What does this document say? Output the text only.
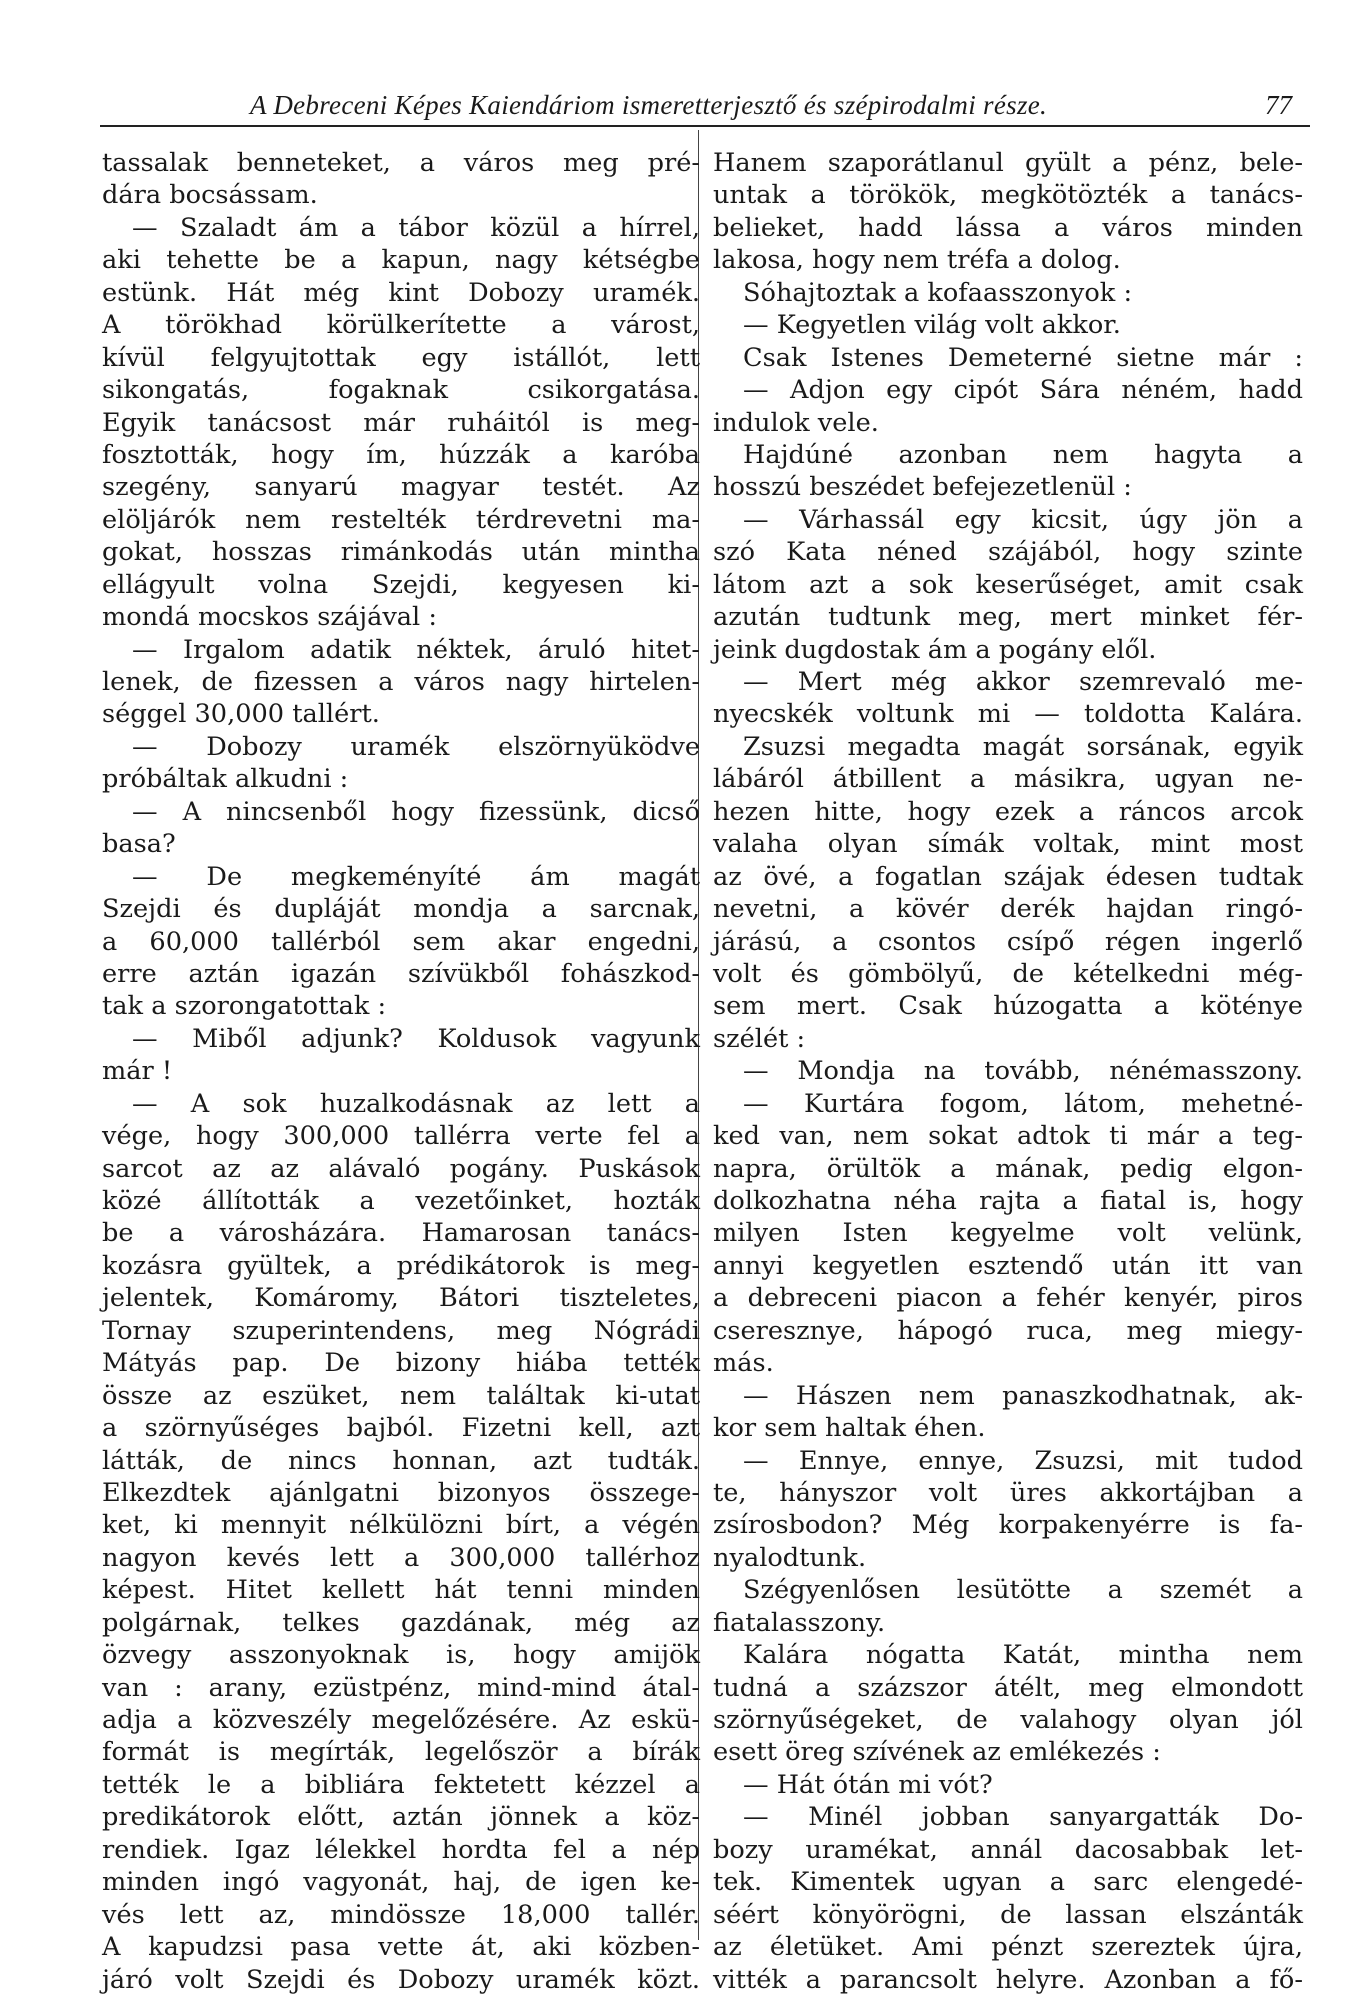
A Debreceni Képes Kaiendáriom ismeretterjesztő és szépirodalmi része.	77
tassalak benneteket, a város meg pré-
dára bocsássam.
— Szaladt ám a tábor közül a hírrel,
aki tehette be a kapun, nagy kétségbe
estünk. Hát még kint Dobozy uramék.
A törökhad körülkerítette a várost,
kívül felgyujtottak egy istállót, lett
sikongatás, fogaknak csikorgatása.
Egyik tanácsost már ruháitól is meg-
fosztották, hogy ím, húzzák a karóba
szegény, sanyarú magyar testét. Az
elöljárók nem restelték térdrevetni ma-
gokat, hosszas rimánkodás után mintha
ellágyult volna Szejdi, kegyesen ki-
mondá mocskos szájával :
— Irgalom adatik néktek, áruló hitet-
lenek, de fizessen a város nagy hirtelen-
séggel 30,000 tallért.
— Dobozy uramék elszörnyüködve
próbáltak alkudni :
— A nincsenből hogy fizessünk, dicső
basa?
— De megkeményíté ám magát
Szejdi és dupláját mondja a sarcnak,
a 60,000 tallérból sem akar engedni,
erre aztán igazán szívükből fohászkod-
tak a szorongatottak :
— Miből adjunk? Koldusok vagyunk
már !
— A sok huzalkodásnak az lett a
vége, hogy 300,000 tallérra verte fel a
sarcot az az alávaló pogány. Puskások
közé állították a vezetőinket, hozták
be a városházára. Hamarosan tanács-
kozásra gyültek, a prédikátorok is meg-
jelentek, Komáromy, Bátori tiszteletes,
Tornay szuperintendens, meg Nógrádi
Mátyás pap. De bizony hiába tették
össze az eszüket, nem találtak ki-utat
a szörnyűséges bajból. Fizetni kell, azt
látták, de nincs honnan, azt tudták.
Elkezdtek ajánlgatni bizonyos összege-
ket, ki mennyit nélkülözni bírt, a végén
nagyon kevés lett a 300,000 tallérhoz
képest. Hitet kellett hát tenni minden
polgárnak, telkes gazdának, még az
özvegy asszonyoknak is, hogy amijök
van : arany, ezüstpénz, mind-mind átal-
adja a közveszély megelőzésére. Az eskü-
formát is megírták, legelőször a bírák
tették le a bibliára fektetett kézzel a
predikátorok előtt, aztán jönnek a köz-
rendiek. Igaz lélekkel hordta fel a nép
minden ingó vagyonát, haj, de igen ke-
vés lett az, mindössze 18,000 tallér.
A kapudzsi pasa vette át, aki közben-
járó volt Szejdi és Dobozy uramék közt.
Hanem szaporátlanul gyült a pénz, bele-
untak a törökök, megkötözték a tanács-
belieket, hadd lássa a város minden
lakosa, hogy nem tréfa a dolog.
Sóhajtoztak a kofaasszonyok :
— Kegyetlen világ volt akkor.
Csak Istenes Demeterné sietne már :
— Adjon egy cipót Sára néném, hadd
indulok vele.
Hajdúné azonban nem hagyta a
hosszú beszédet befejezetlenül :
— Várhassál egy kicsit, úgy jön a
szó Kata néned szájából, hogy szinte
látom azt a sok keserűséget, amit csak
azután tudtunk meg, mert minket fér-
jeink dugdostak ám a pogány elől.
— Mert még akkor szemrevaló me-
nyecskék voltunk mi — toldotta Kalára.
Zsuzsi megadta magát sorsának, egyik
lábáról átbillent a másikra, ugyan ne-
hezen hitte, hogy ezek a ráncos arcok
valaha olyan símák voltak, mint most
az övé, a fogatlan szájak édesen tudtak
nevetni, a kövér derék hajdan ringó-
járású, a csontos csípő régen ingerlő
volt és gömbölyű, de kételkedni még-
sem mert. Csak húzogatta a köténye
szélét :
— Mondja na tovább, nénémasszony.
— Kurtára fogom, látom, mehetné-
ked van, nem sokat adtok ti már a teg-
napra, örültök a mának, pedig elgon-
dolkozhatna néha rajta a fiatal is, hogy
milyen Isten kegyelme volt velünk,
annyi kegyetlen esztendő után itt van
a debreceni piacon a fehér kenyér, piros
cseresznye, hápogó ruca, meg miegy-
más.
— Hászen nem panaszkodhatnak, ak-
kor sem haltak éhen.
— Ennye, ennye, Zsuzsi, mit tudod
te, hányszor volt üres akkortájban a
zsírosbodon? Még korpakenyérre is fa-
nyalodtunk.
Szégyenlősen lesütötte a szemét a
fiatalasszony.
Kalára nógatta Katát, mintha nem
tudná a százszor átélt, meg elmondott
szörnyűségeket, de valahogy olyan jól
esett öreg szívének az emlékezés :
— Hát ótán mi vót?
— Minél jobban sanyargatták Do-
bozy uramékat, annál dacosabbak let-
tek. Kimentek ugyan a sarc elengedé-
séért könyörögni, de lassan elszánták
az életüket. Ami pénzt szereztek újra,
vitték a parancsolt helyre. Azonban a fő-
